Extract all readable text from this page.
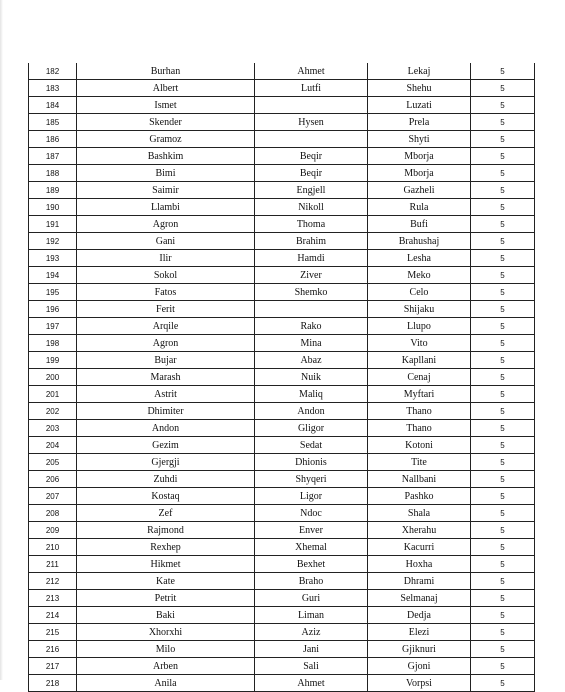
182	Burhan	Ahmet	Lekaj	5
183	Albert	Lutfi	Shehu	5
184	Ismet		Luzati	5
185	Skender	Hysen	Prela	5
186	Gramoz		Shyti	5
187	Bashkim	Beqir	Mborja	5
188	Bimi	Beqir	Mborja	5
189	Saimir	Engjell	Gazheli	5
190	Llambi	Nikoll	Rula	5
191	Agron	Thoma	Bufi	5
192	Gani	Brahim	Brahushaj	5
193	Ilir	Hamdi	Lesha	5
194	Sokol	Ziver	Meko	5
195	Fatos	Shemko	Celo	5
196	Ferit		Shijaku	5
197	Arqile	Rako	Llupo	5
198	Agron	Mina	Vito	5
199	Bujar	Abaz	Kapllani	5
200	Marash	Nuik	Cenaj	5
201	Astrit	Maliq	Myftari	5
202	Dhimiter	Andon	Thano	5
203	Andon	Gligor	Thano	5
204	Gezim	Sedat	Kotoni	5
205	Gjergji	Dhionis	Tite	5
206	Zuhdi	Shyqeri	Nallbani	5
207	Kostaq	Ligor	Pashko	5
208	Zef	Ndoc	Shala	5
209	Rajmond	Enver	Xherahu	5
210	Rexhep	Xhemal	Kacurri	5
211	Hikmet	Bexhet	Hoxha	5
212	Kate	Braho	Dhrami	5
213	Petrit	Guri	Selmanaj	5
214	Baki	Liman	Dedja	5
215	Xhorxhi	Aziz	Elezi	5
216	Milo	Jani	Gjiknuri	5
217	Arben	Sali	Gjoni	5
218	Anila	Ahmet	Vorpsi	5
